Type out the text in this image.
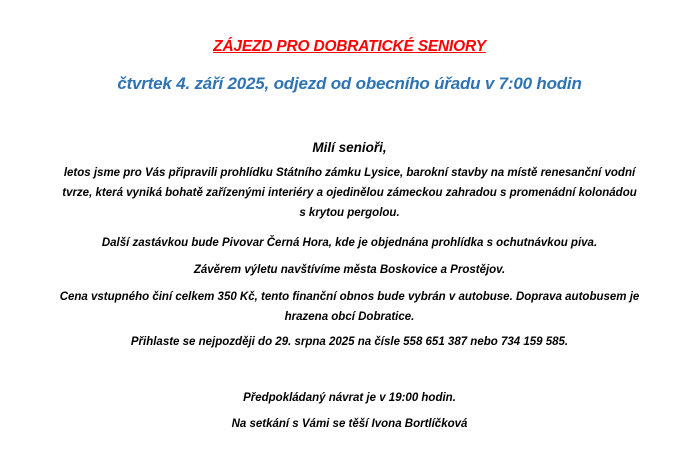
ZÁJEZD PRO DOBRATICKÉ SENIORY
čtvrtek 4. září 2025, odjezd od obecního úřadu v 7:00 hodin
Milí senioři,
letos jsme pro Vás připravili prohlídku Státního zámku Lysice, barokní stavby na místě renesanční vodní
tvrze, která vyniká bohatě zařízenými interiéry a ojedinělou zámeckou zahradou s promenádní kolonádou
s krytou pergolou.
Další zastávkou bude Pivovar Černá Hora, kde je objednána prohlídka s ochutnávkou piva.
Závěrem výletu navštívíme města Boskovice a Prostějov.
Cena vstupného činí celkem 350 Kč, tento finanční obnos bude vybrán v autobuse. Doprava autobusem je
hrazena obcí Dobratice.
Přihlaste se nejpozději do 29. srpna 2025 na čísle 558 651 387 nebo 734 159 585.
Předpokládaný návrat je v 19:00 hodin.
Na setkání s Vámi se těší Ivona Bortlíčková
